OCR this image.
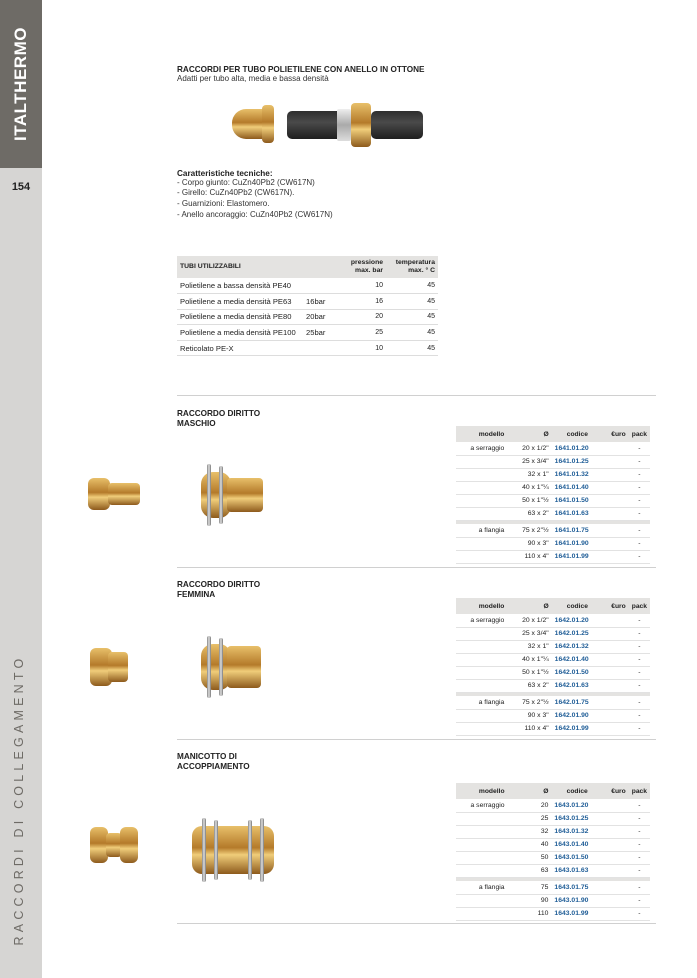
ITALTHERMO
154
RACCORDI DI COLLEGAMENTO
RACCORDI PER TUBO POLIETILENE CON ANELLO IN OTTONE
Adatti per tubo alta, media e bassa densità
Caratteristiche tecniche:
- Corpo giunto: CuZn40Pb2 (CW617N)
- Girello: CuZn40Pb2 (CW617N).
- Guarnizioni: Elastomero.
- Anello ancoraggio: CuZn40Pb2 (CW617N)
TUBI UTILIZZABILI		pressione
max. bar	temperatura
max. ° C
Polietilene a bassa densità PE40		10	45
Polietilene a media densità PE63	16bar	16	45
Polietilene a media densità PE80	20bar	20	45
Polietilene a media densità PE100	25bar	25	45
Reticolato PE-X		10	45
RACCORDO DIRITTO
MASCHIO
modello	Ø	codice	€uro	pack
a serraggio	20 x 1/2"	1641.01.20		-
	25 x 3/4"	1641.01.25		-
	32 x 1"	1641.01.32		-
	40 x 1"¼	1641.01.40		-
	50 x 1"½	1641.01.50		-
	63 x 2"	1641.01.63		-

a flangia	75 x 2"½	1641.01.75		-
	90 x 3"	1641.01.90		-
	110 x 4"	1641.01.99		-
RACCORDO DIRITTO
FEMMINA
modello	Ø	codice	€uro	pack
a serraggio	20 x 1/2"	1642.01.20		-
	25 x 3/4"	1642.01.25		-
	32 x 1"	1642.01.32		-
	40 x 1"¼	1642.01.40		-
	50 x 1"½	1642.01.50		-
	63 x 2"	1642.01.63		-

a flangia	75 x 2"½	1642.01.75		-
	90 x 3"	1642.01.90		-
	110 x 4"	1642.01.99		-
MANICOTTO DI
ACCOPPIAMENTO
modello	Ø	codice	€uro	pack
a serraggio	20	1643.01.20		-
	25	1643.01.25		-
	32	1643.01.32		-
	40	1643.01.40		-
	50	1643.01.50		-
	63	1643.01.63		-

a flangia	75	1643.01.75		-
	90	1643.01.90		-
	110	1643.01.99		-
